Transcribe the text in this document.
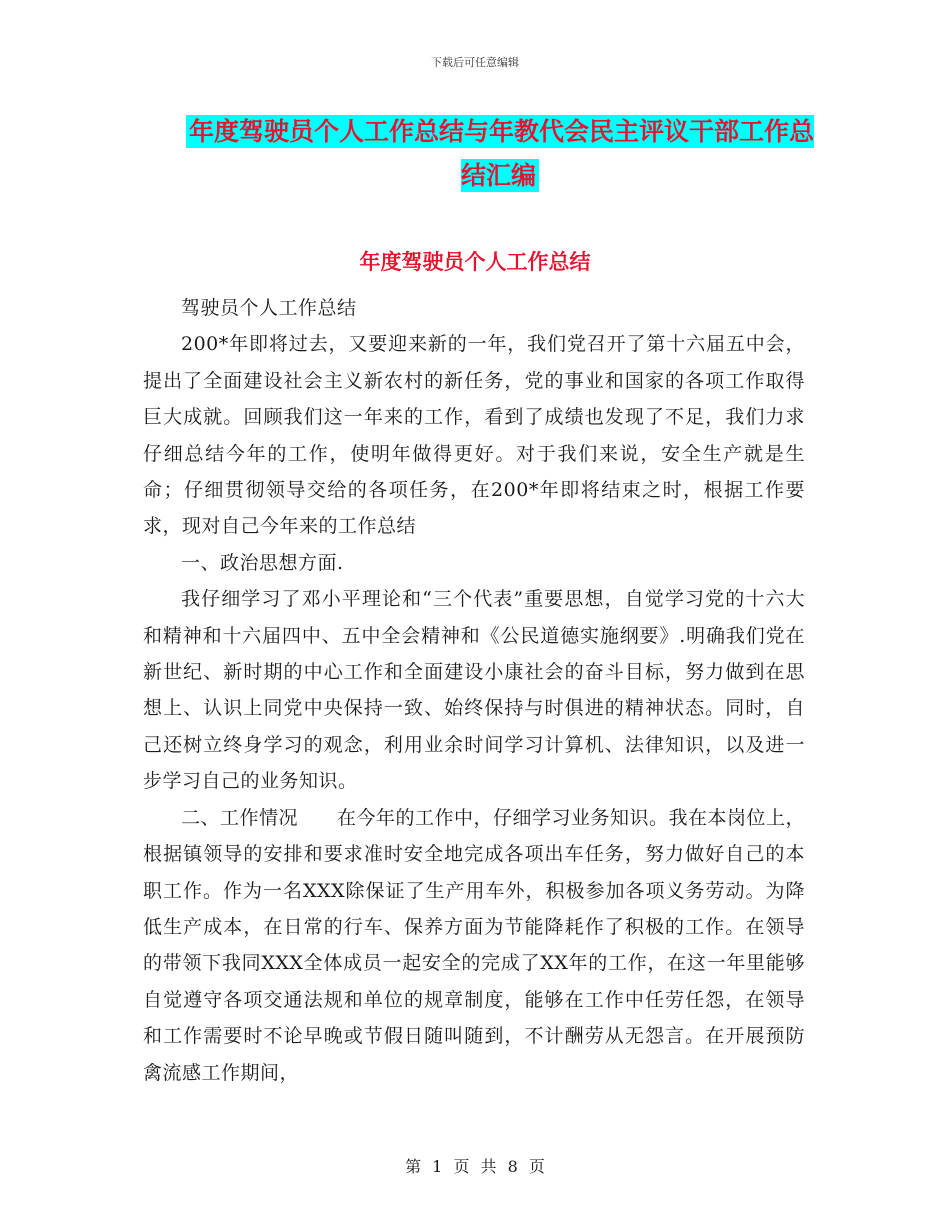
下载后可任意编辑
年度驾驶员个人工作总结与年教代会民主评议干部工作总结汇编
年度驾驶员个人工作总结

驾驶员个人工作总结

200*年即将过去，又要迎来新的一年，我们党召开了第十六届五中会，提出了全面建设社会主义新农村的新任务，党的事业和国家的各项工作取得巨大成就。回顾我们这一年来的工作，看到了成绩也发现了不足，我们力求仔细总结今年的工作，使明年做得更好。对于我们来说，安全生产就是生命；仔细贯彻领导交给的各项任务，在200*年即将结束之时，根据工作要求，现对自己今年来的工作总结

一、政治思想方面.

我仔细学习了邓小平理论和“三个代表”重要思想，自觉学习党的十六大和精神和十六届四中、五中全会精神和《公民道德实施纲要》.明确我们党在新世纪、新时期的中心工作和全面建设小康社会的奋斗目标，努力做到在思想上、认识上同党中央保持一致、始终保持与时俱进的精神状态。同时，自己还树立终身学习的观念，利用业余时间学习计算机、法律知识，以及进一步学习自己的业务知识。

二、工作情况　　在今年的工作中，仔细学习业务知识。我在本岗位上，根据镇领导的安排和要求准时安全地完成各项出车任务，努力做好自己的本职工作。作为一名XXX除保证了生产用车外，积极参加各项义务劳动。为降低生产成本，在日常的行车、保养方面为节能降耗作了积极的工作。在领导的带领下我同XXX全体成员一起安全的完成了XX年的工作，在这一年里能够自觉遵守各项交通法规和单位的规章制度，能够在工作中任劳任怨，在领导和工作需要时不论早晚或节假日随叫随到，不计酬劳从无怨言。在开展预防禽流感工作期间，

第 1 页 共 8 页
